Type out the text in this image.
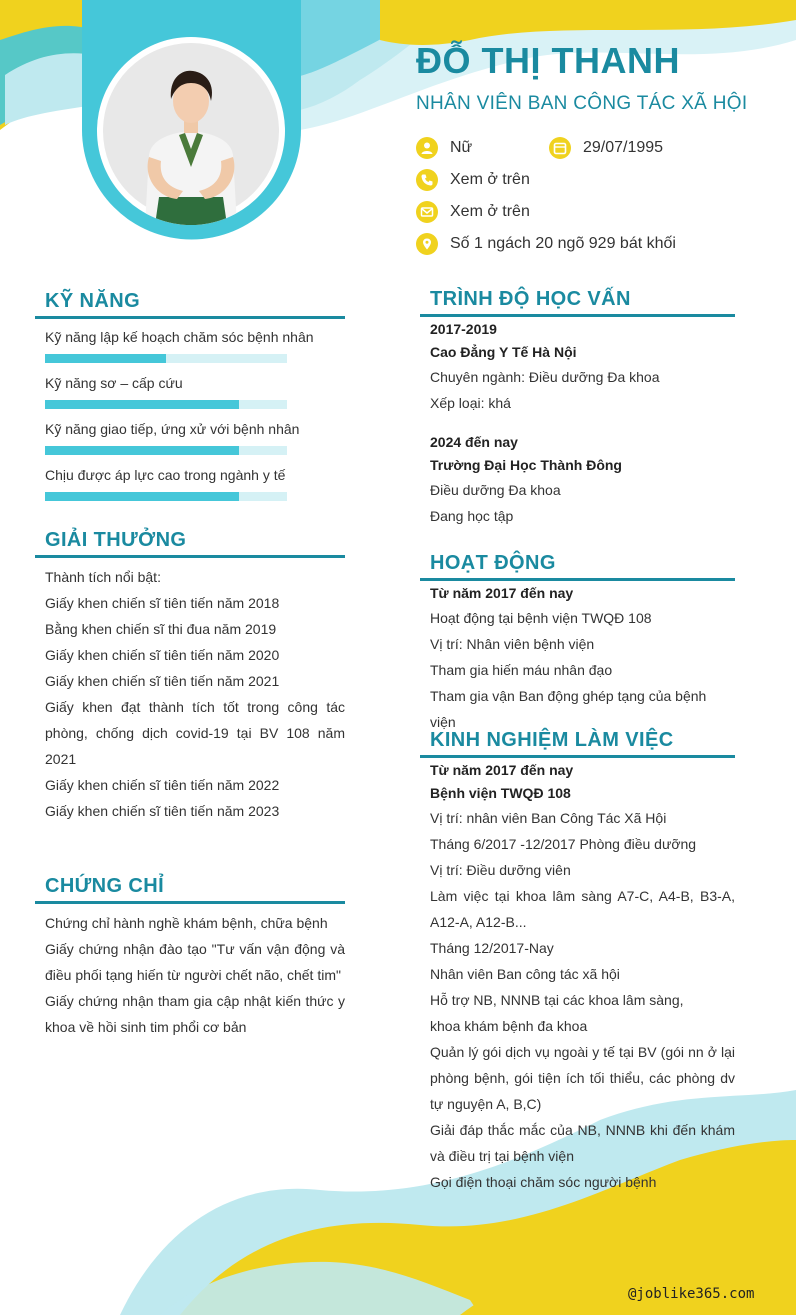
ĐỖ THỊ THANH
NHÂN VIÊN BAN CÔNG TÁC XÃ HỘI
Nữ	29/07/1995
Xem ở trên
Xem ở trên
Số 1 ngách 20 ngõ 929 bát khối
KỸ NĂNG
Kỹ năng lập kế hoạch chăm sóc bệnh nhân
Kỹ năng sơ – cấp cứu
Kỹ năng giao tiếp, ứng xử với bệnh nhân
Chịu được áp lực cao trong ngành y tế
GIẢI THƯỞNG
Thành tích nổi bật:
Giấy khen chiến sĩ tiên tiến năm 2018
Bằng khen chiến sĩ thi đua năm 2019
Giấy khen chiến sĩ tiên tiến năm 2020
Giấy khen chiến sĩ tiên tiến năm 2021
Giấy khen đạt thành tích tốt trong công tác phòng, chống dịch covid-19 tại BV 108 năm 2021
Giấy khen chiến sĩ tiên tiến năm 2022
Giấy khen chiến sĩ tiên tiến năm 2023
CHỨNG CHỈ
Chứng chỉ hành nghề khám bệnh, chữa bệnh
Giấy chứng nhận đào tạo "Tư vấn vận động và điều phối tạng hiến từ người chết não, chết tim"
Giấy chứng nhận tham gia cập nhật kiến thức y khoa về hồi sinh tim phổi cơ bản
TRÌNH ĐỘ HỌC VẤN
2017-2019
Cao Đẳng Y Tế Hà Nội
Chuyên ngành: Điều dưỡng Đa khoa
Xếp loại: khá
2024 đến nay
Trường Đại Học Thành Đông
Điều dưỡng Đa khoa
Đang học tập
HOẠT ĐỘNG
Từ năm 2017 đến nay
Hoạt động tại bệnh viện TWQĐ 108
Vị trí: Nhân viên bệnh viện
Tham gia hiến máu nhân đạo
Tham gia vận Ban động ghép tạng của bệnh viện
KINH NGHIỆM LÀM VIỆC
Từ năm 2017 đến nay
Bệnh viện TWQĐ 108
Vị trí: nhân viên Ban Công Tác Xã Hội
Tháng 6/2017 -12/2017 Phòng điều dưỡng
Vị trí: Điều dưỡng viên
Làm việc tại khoa lâm sàng A7-C, A4-B, B3-A, A12-A, A12-B...
Tháng 12/2017-Nay
Nhân viên Ban công tác xã hội
Hỗ trợ NB, NNNB tại các khoa lâm sàng,
khoa khám bệnh đa khoa
Quản lý gói dịch vụ ngoài y tế tại BV (gói nn ở lại phòng bệnh, gói tiện ích tối thiểu, các phòng dv tự nguyện A, B,C)
Giải đáp thắc mắc của NB, NNNB khi đến khám và điều trị tại bệnh viện
Gọi điện thoại chăm sóc người bệnh
@joblike365.com
